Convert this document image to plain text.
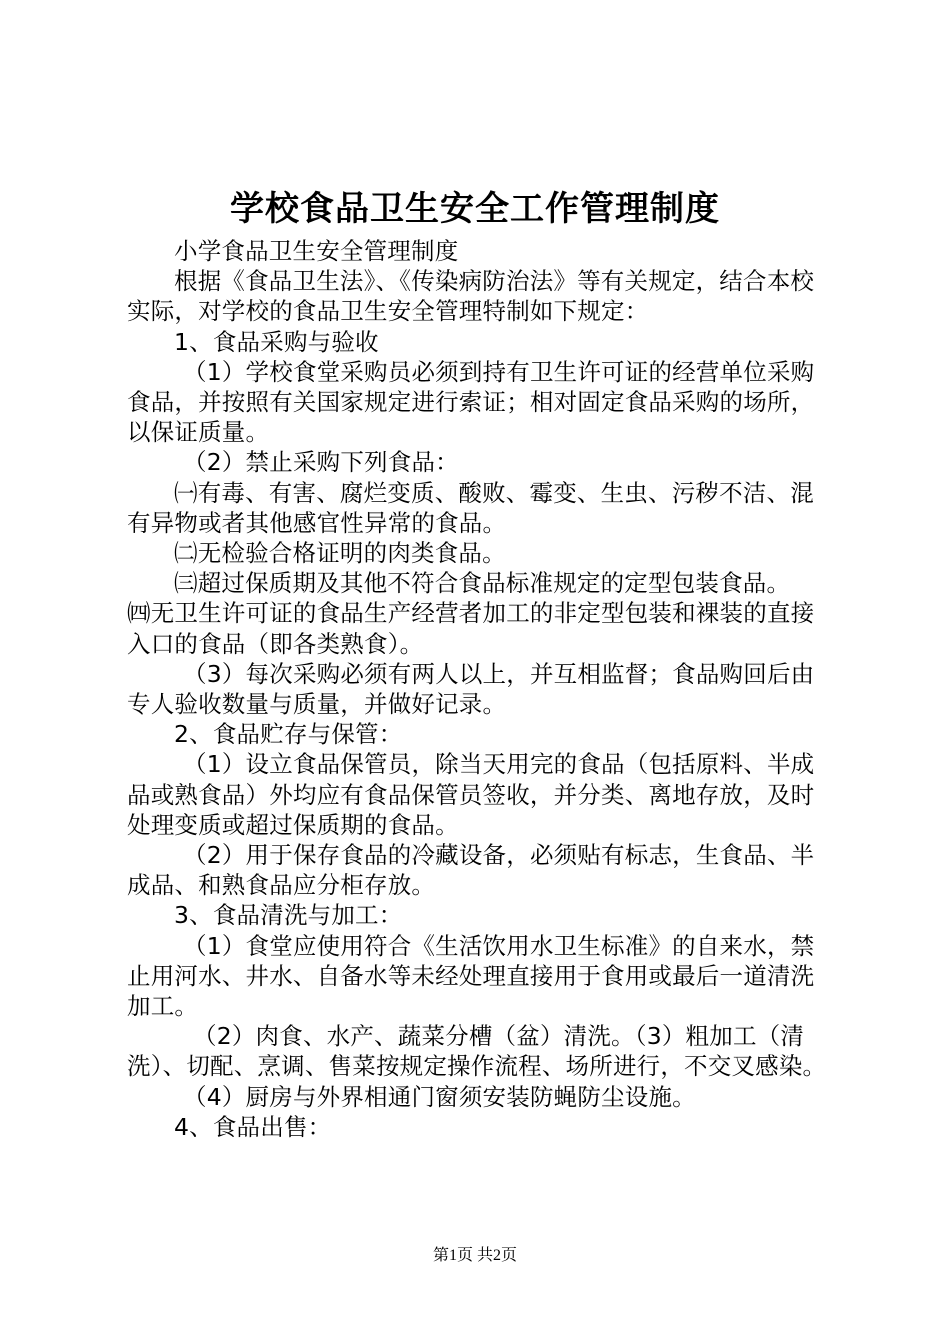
学校食品卫生安全工作管理制度

小学食品卫生安全管理制度

根据《食品卫生法》、《传染病防治法》等有关规定，结合本校实际，对学校的食品卫生安全管理特制如下规定：

1、食品采购与验收

（1）学校食堂采购员必须到持有卫生许可证的经营单位采购食品，并按照有关国家规定进行索证；相对固定食品采购的场所，以保证质量。

（2）禁止采购下列食品：

㈠有毒、有害、腐烂变质、酸败、霉变、生虫、污秽不洁、混有异物或者其他感官性异常的食品。

㈡无检验合格证明的肉类食品。

㈢超过保质期及其他不符合食品标准规定的定型包装食品。

㈣无卫生许可证的食品生产经营者加工的非定型包装和裸装的直接入口的食品（即各类熟食）。

（3）每次采购必须有两人以上，并互相监督；食品购回后由专人验收数量与质量，并做好记录。

2、食品贮存与保管：

（1）设立食品保管员，除当天用完的食品（包括原料、半成品或熟食品）外均应有食品保管员签收，并分类、离地存放，及时处理变质或超过保质期的食品。

（2）用于保存食品的冷藏设备，必须贴有标志，生食品、半成品、和熟食品应分柜存放。

3、食品清洗与加工：

（1）食堂应使用符合《生活饮用水卫生标准》的自来水，禁止用河水、井水、自备水等未经处理直接用于食用或最后一道清洗加工。

（2）肉食、水产、蔬菜分槽（盆）清洗。（3）粗加工（清洗）、切配、烹调、售菜按规定操作流程、场所进行，不交叉感染。

（4）厨房与外界相通门窗须安装防蝇防尘设施。

4、食品出售：

第1页 共2页
